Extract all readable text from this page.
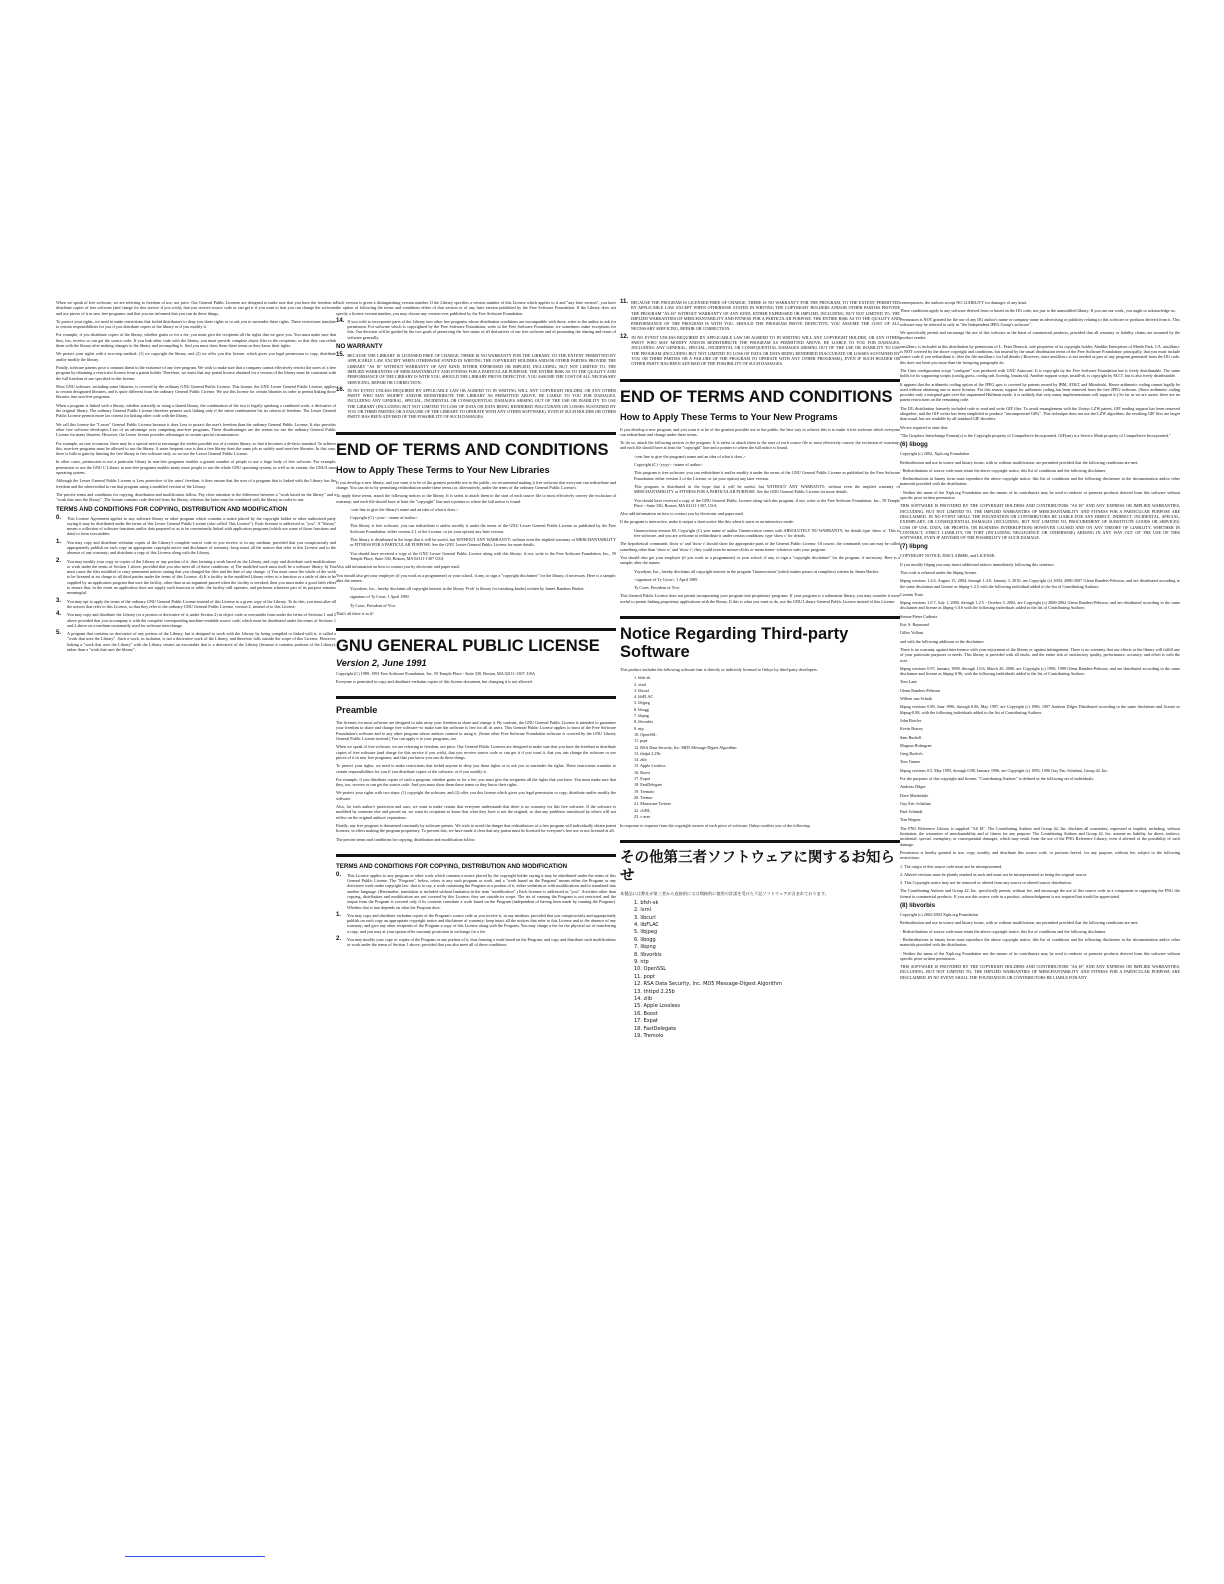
When we speak of free software, we are referring to freedom of use, not price. Our General Public Licenses are designed to make sure that you have the freedom to distribute copies of free software (and charge for this service if you wish); that you receive source code or can get it if you want it; that you can change the software and use pieces of it in new free programs; and that you are informed that you can do these things.

To protect your rights, we need to make restrictions that forbid distributors to deny you these rights or to ask you to surrender these rights. These restrictions translate to certain responsibilities for you if you distribute copies of the library or if you modify it.

For example, if you distribute copies of the library, whether gratis or for a fee, you must give the recipients all the rights that we gave you. You must make sure that they, too, receive or can get the source code. If you link other code with the library, you must provide complete object files to the recipients, so that they can relink them with the library after making changes to the library and recompiling it. And you must show them these terms so they know their rights.

We protect your rights with a two-step method: (1) we copyright the library, and (2) we offer you this license, which gives you legal permission to copy, distribute and/or modify the library.

Finally, software patents pose a constant threat to the existence of any free program. We wish to make sure that a company cannot effectively restrict the users of a free program by obtaining a restrictive license from a patent holder. Therefore, we insist that any patent license obtained for a version of the library must be consistent with the full freedom of use specified in this license.

Most GNU software, including some libraries, is covered by the ordinary GNU General Public License. This license, the GNU Lesser General Public License, applies to certain designated libraries, and is quite different from the ordinary General Public License. We use this license for certain libraries in order to permit linking those libraries into non-free programs.

When a program is linked with a library, whether statically or using a shared library, the combination of the two is legally speaking a combined work, a derivative of the original library. The ordinary General Public License therefore permits such linking only if the entire combination fits its criteria of freedom. The Lesser General Public License permits more lax criteria for linking other code with the library.

We call this license the "Lesser" General Public License because it does Less to protect the user's freedom than the ordinary General Public License. It also provides other free software developers Less of an advantage over competing non-free programs. These disadvantages are the reason we use the ordinary General Public License for many libraries. However, the Lesser license provides advantages in certain special circumstances.

For example, on rare occasions, there may be a special need to encourage the widest possible use of a certain library, so that it becomes a de-facto standard. To achieve this, non-free programs must be allowed to use the library. A more frequent case is that a free library does the same job as widely used non-free libraries. In this case, there is little to gain by limiting the free library to free software only, so we use the Lesser General Public License.

In other cases, permission to use a particular library in non-free programs enables a greater number of people to use a large body of free software. For example, permission to use the GNU C Library in non-free programs enables many more people to use the whole GNU operating system, as well as its variant, the GNU/Linux operating system.

Although the Lesser General Public License is Less protective of the users' freedom, it does ensure that the user of a program that is linked with the Library has the freedom and the wherewithal to run that program using a modified version of the Library.

The precise terms and conditions for copying, distribution and modification follow. Pay close attention to the difference between a "work based on the library" and a "work that uses the library". The former contains code derived from the library, whereas the latter must be combined with the library in order to run.

TERMS AND CONDITIONS FOR COPYING, DISTRIBUTION AND MODIFICATION
0.	This License Agreement applies to any software library or other program which contains a notice placed by the copyright holder or other authorized party saying it may be distributed under the terms of this Lesser General Public License (also called "this License"). Each licensee is addressed as "you". A "library" means a collection of software functions and/or data prepared so as to be conveniently linked with application programs (which use some of those functions and data) to form executables.
1.	You may copy and distribute verbatim copies of the Library's complete source code as you receive it, in any medium, provided that you conspicuously and appropriately publish on each copy an appropriate copyright notice and disclaimer of warranty; keep intact all the notices that refer to this License and to the absence of any warranty; and distribute a copy of this License along with the Library.
2.	You may modify your copy or copies of the Library or any portion of it, thus forming a work based on the Library, and copy and distribute such modifications or work under the terms of Section 1 above, provided that you also meet all of these conditions: a) The modified work must itself be a software library. b) You must cause the files modified to carry prominent notices stating that you changed the files and the date of any change. c) You must cause the whole of the work to be licensed at no charge to all third parties under the terms of this License. d) If a facility in the modified Library refers to a function or a table of data to be supplied by an application program that uses the facility, other than as an argument passed when the facility is invoked, then you must make a good faith effort to ensure that, in the event an application does not supply such function or table, the facility still operates, and performs whatever part of its purpose remains meaningful.
3.	You may opt to apply the terms of the ordinary GNU General Public License instead of this License to a given copy of the Library. To do this, you must alter all the notices that refer to this License, so that they refer to the ordinary GNU General Public License, version 2, instead of to this License.
4.	You may copy and distribute the Library (or a portion or derivative of it, under Section 2) in object code or executable form under the terms of Sections 1 and 2 above provided that you accompany it with the complete corresponding machine-readable source code, which must be distributed under the terms of Sections 1 and 2 above on a medium customarily used for software interchange.
5.	A program that contains no derivative of any portion of the Library, but is designed to work with the Library by being compiled or linked with it, is called a "work that uses the Library". Such a work, in isolation, is not a derivative work of the Library, and therefore falls outside the scope of this License. However, linking a "work that uses the Library" with the Library creates an executable that is a derivative of the Library (because it contains portions of the Library), rather than a "work that uses the library".

Each version is given a distinguishing version number. If the Library specifies a version number of this License which applies to it and "any later version", you have the option of following the terms and conditions either of that version or of any later version published by the Free Software Foundation. If the Library does not specify a license version number, you may choose any version ever published by the Free Software Foundation.

14. If you wish to incorporate parts of the Library into other free programs whose distribution conditions are incompatible with these, write to the author to ask for permission. For software which is copyrighted by the Free Software Foundation, write to the Free Software Foundation; we sometimes make exceptions for this. Our decision will be guided by the two goals of preserving the free status of all derivatives of our free software and of promoting the sharing and reuse of software generally.
NO WARRANTY
15. BECAUSE THE LIBRARY IS LICENSED FREE OF CHARGE, THERE IS NO WARRANTY FOR THE LIBRARY, TO THE EXTENT PERMITTED BY APPLICABLE LAW. EXCEPT WHEN OTHERWISE STATED IN WRITING THE COPYRIGHT HOLDERS AND/OR OTHER PARTIES PROVIDE THE LIBRARY "AS IS" WITHOUT WARRANTY OF ANY KIND, EITHER EXPRESSED OR IMPLIED, INCLUDING, BUT NOT LIMITED TO, THE IMPLIED WARRANTIES OF MERCHANTABILITY AND FITNESS FOR A PARTICULAR PURPOSE. THE ENTIRE RISK AS TO THE QUALITY AND PERFORMANCE OF THE LIBRARY IS WITH YOU. SHOULD THE LIBRARY PROVE DEFECTIVE, YOU ASSUME THE COST OF ALL NECESSARY SERVICING, REPAIR OR CORRECTION.
16. IN NO EVENT UNLESS REQUIRED BY APPLICABLE LAW OR AGREED TO IN WRITING WILL ANY COPYRIGHT HOLDER, OR ANY OTHER PARTY WHO MAY MODIFY AND/OR REDISTRIBUTE THE LIBRARY AS PERMITTED ABOVE, BE LIABLE TO YOU FOR DAMAGES, INCLUDING ANY GENERAL, SPECIAL, INCIDENTAL OR CONSEQUENTIAL DAMAGES ARISING OUT OF THE USE OR INABILITY TO USE THE LIBRARY (INCLUDING BUT NOT LIMITED TO LOSS OF DATA OR DATA BEING RENDERED INACCURATE OR LOSSES SUSTAINED BY YOU OR THIRD PARTIES OR A FAILURE OF THE LIBRARY TO OPERATE WITH ANY OTHER SOFTWARE), EVEN IF SUCH HOLDER OR OTHER PARTY HAS BEEN ADVISED OF THE POSSIBILITY OF SUCH DAMAGES.
END OF TERMS AND CONDITIONS
How to Apply These Terms to Your New Libraries

If you develop a new library, and you want it to be of the greatest possible use to the public, we recommend making it free software that everyone can redistribute and change. You can do so by permitting redistribution under these terms (or, alternatively, under the terms of the ordinary General Public License).

To apply these terms, attach the following notices to the library. It is safest to attach them to the start of each source file to most effectively convey the exclusion of warranty; and each file should have at least the "copyright" line and a pointer to where the full notice is found.

<one line to give the library's name and an idea of what it does.>

Copyright (C) <year> <name of author>

This library is free software; you can redistribute it and/or modify it under the terms of the GNU Lesser General Public License as published by the Free Software Foundation; either version 2.1 of the License, or (at your option) any later version.

This library is distributed in the hope that it will be useful, but WITHOUT ANY WARRANTY; without even the implied warranty of MERCHANTABILITY or FITNESS FOR A PARTICULAR PURPOSE. See the GNU Lesser General Public License for more details.

You should have received a copy of the GNU Lesser General Public License along with this library; if not, write to the Free Software Foundation, Inc., 59 Temple Place, Suite 330, Boston, MA 02111-1307 USA

Also add information on how to contact you by electronic and paper mail.

You should also get your employer (if you work as a programmer) or your school, if any, to sign a "copyright disclaimer" for the library, if necessary. Here is a sample; alter the names:

Yoyodyne, Inc., hereby disclaims all copyright interest in the library 'Frob' (a library for tweaking knobs) written by James Random Hacker.

signature of Ty Coon, 1 April 1990

Ty Coon, President of Vice

That's all there is to it!

GNU GENERAL PUBLIC LICENSE
Version 2, June 1991

Copyright (C) 1989, 1991 Free Software Foundation, Inc. 59 Temple Place - Suite 330, Boston, MA 02111-1307, USA

Everyone is permitted to copy and distribute verbatim copies of this license document, but changing it is not allowed.

Preamble

The licenses for most software are designed to take away your freedom to share and change it. By contrast, the GNU General Public License is intended to guarantee your freedom to share and change free software--to make sure the software is free for all its users. This General Public License applies to most of the Free Software Foundation's software and to any other program whose authors commit to using it. (Some other Free Software Foundation software is covered by the GNU Library General Public License instead.) You can apply it to your programs, too.

When we speak of free software, we are referring to freedom, not price. Our General Public Licenses are designed to make sure that you have the freedom to distribute copies of free software (and charge for this service if you wish), that you receive source code or can get it if you want it, that you can change the software or use pieces of it in new free programs; and that you know you can do these things.

To protect your rights, we need to make restrictions that forbid anyone to deny you these rights or to ask you to surrender the rights. These restrictions translate to certain responsibilities for you if you distribute copies of the software, or if you modify it.

For example, if you distribute copies of such a program, whether gratis or for a fee, you must give the recipients all the rights that you have. You must make sure that they, too, receive or can get the source code. And you must show them these terms so they know their rights.

We protect your rights with two steps: (1) copyright the software, and (2) offer you this license which gives you legal permission to copy, distribute and/or modify the software.

Also, for each author's protection and ours, we want to make certain that everyone understands that there is no warranty for this free software. If the software is modified by someone else and passed on, we want its recipients to know that what they have is not the original, so that any problems introduced by others will not reflect on the original authors' reputations.

Finally, any free program is threatened constantly by software patents. We wish to avoid the danger that redistributors of a free program will individually obtain patent licenses, in effect making the program proprietary. To prevent this, we have made it clear that any patent must be licensed for everyone's free use or not licensed at all.

The precise terms and conditions for copying, distribution and modification follow.

TERMS AND CONDITIONS FOR COPYING, DISTRIBUTION AND MODIFICATION
0.	This License applies to any program or other work which contains a notice placed by the copyright holder saying it may be distributed under the terms of this General Public License. The "Program", below, refers to any such program or work, and a "work based on the Program" means either the Program or any derivative work under copyright law: that is to say, a work containing the Program or a portion of it, either verbatim or with modifications and/or translated into another language. (Hereinafter, translation is included without limitation in the term "modification".) Each licensee is addressed as "you". Activities other than copying, distribution and modification are not covered by this License; they are outside its scope. The act of running the Program is not restricted, and the output from the Program is covered only if its contents constitute a work based on the Program (independent of having been made by running the Program). Whether that is true depends on what the Program does.
1.	You may copy and distribute verbatim copies of the Program's source code as you receive it, in any medium, provided that you conspicuously and appropriately publish on each copy an appropriate copyright notice and disclaimer of warranty; keep intact all the notices that refer to this License and to the absence of any warranty; and give any other recipients of the Program a copy of this License along with the Program. You may charge a fee for the physical act of transferring a copy, and you may at your option offer warranty protection in exchange for a fee.
2.	You may modify your copy or copies of the Program or any portion of it, thus forming a work based on the Program, and copy and distribute such modifications or work under the terms of Section 1 above, provided that you also meet all of these conditions:
11. BECAUSE THE PROGRAM IS LICENSED FREE OF CHARGE, THERE IS NO WARRANTY FOR THE PROGRAM, TO THE EXTENT PERMITTED BY APPLICABLE LAW. EXCEPT WHEN OTHERWISE STATED IN WRITING THE COPYRIGHT HOLDERS AND/OR OTHER PARTIES PROVIDE THE PROGRAM "AS IS" WITHOUT WARRANTY OF ANY KIND, EITHER EXPRESSED OR IMPLIED, INCLUDING, BUT NOT LIMITED TO, THE IMPLIED WARRANTIES OF MERCHANTABILITY AND FITNESS FOR A PARTICULAR PURPOSE. THE ENTIRE RISK AS TO THE QUALITY AND PERFORMANCE OF THE PROGRAM IS WITH YOU. SHOULD THE PROGRAM PROVE DEFECTIVE, YOU ASSUME THE COST OF ALL NECESSARY SERVICING, REPAIR OR CORRECTION.
12. IN NO EVENT UNLESS REQUIRED BY APPLICABLE LAW OR AGREED TO IN WRITING WILL ANY COPYRIGHT HOLDER, OR ANY OTHER PARTY WHO MAY MODIFY AND/OR REDISTRIBUTE THE PROGRAM AS PERMITTED ABOVE, BE LIABLE TO YOU FOR DAMAGES, INCLUDING ANY GENERAL, SPECIAL, INCIDENTAL OR CONSEQUENTIAL DAMAGES ARISING OUT OF THE USE OR INABILITY TO USE THE PROGRAM (INCLUDING BUT NOT LIMITED TO LOSS OF DATA OR DATA BEING RENDERED INACCURATE OR LOSSES SUSTAINED BY YOU OR THIRD PARTIES OR A FAILURE OF THE PROGRAM TO OPERATE WITH ANY OTHER PROGRAMS), EVEN IF SUCH HOLDER OR OTHER PARTY HAS BEEN ADVISED OF THE POSSIBILITY OF SUCH DAMAGES.
END OF TERMS AND CONDITIONS
How to Apply These Terms to Your New Programs

If you develop a new program, and you want it to be of the greatest possible use to the public, the best way to achieve this is to make it free software which everyone can redistribute and change under these terms.

To do so, attach the following notices to the program. It is safest to attach them to the start of each source file to most effectively convey the exclusion of warranty; and each file should have at least the "copyright" line and a pointer to where the full notice is found.

<one line to give the program's name and an idea of what it does.>

Copyright (C) <yyyy> <name of author>

This program is free software; you can redistribute it and/or modify it under the terms of the GNU General Public License as published by the Free Software Foundation; either version 2 of the License, or (at your option) any later version.

This program is distributed in the hope that it will be useful, but WITHOUT ANY WARRANTY; without even the implied warranty of MERCHANTABILITY or FITNESS FOR A PARTICULAR PURPOSE. See the GNU General Public License for more details.

You should have received a copy of the GNU General Public License along with this program; if not, write to the Free Software Foundation, Inc., 59 Temple Place - Suite 330, Boston, MA 02111-1307, USA.

Also add information on how to contact you by electronic and paper mail.

If the program is interactive, make it output a short notice like this when it starts in an interactive mode:

Gnomovision version 69, Copyright (C) year name of author Gnomovision comes with ABSOLUTELY NO WARRANTY; for details type 'show w'. This is free software, and you are welcome to redistribute it under certain conditions; type 'show c' for details.

The hypothetical commands 'show w' and 'show c' should show the appropriate parts of the General Public License. Of course, the commands you use may be called something other than 'show w' and 'show c'; they could even be mouse-clicks or menu items--whatever suits your program.

You should also get your employer (if you work as a programmer) or your school, if any, to sign a "copyright disclaimer" for the program, if necessary. Here is a sample; alter the names:

Yoyodyne, Inc., hereby disclaims all copyright interest in the program 'Gnomovision' (which makes passes at compilers) written by James Hacker.

<signature of Ty Coon>, 1 April 1989

Ty Coon, President of Vice

This General Public License does not permit incorporating your program into proprietary programs. If your program is a subroutine library, you may consider it more useful to permit linking proprietary applications with the library. If this is what you want to do, use the GNU Library General Public License instead of this License.

Notice Regarding Third-party Software

This product includes the following software that is directly or indirectly licensed to Onkyo by third-party developers.

1. bfsh-sk
2. zsnd
3. libcurl
4. libFLAC
5. libjpeg
6. libogg
7. libpng
8. libvorbis
9. ntp
10. OpenSSL
11. popt
12. RSA Data Security, Inc. MD5 Message-Digest Algorithm
13. thttpd 2.25b
14. zlib
15. Apple Lossless
16. Boost
17. Expat
18. FastDelegate
19. Tremolo
20. Tremor
21. Monotone Twister
22. cURL
23. c-ares

In response to requests from the copyright owners of each piece of software, Onkyo notifies you of the following:

その他第三者ソフトウェアに関するお知らせ

本製品には弊社が第三者から直接的に又は間接的に使用の許諾を受けた下記ソフトウェアが含まれております。

1. bfsh-sk
2. lxml
3. libcurl
4. libFLAC
5. libjpeg
6. libogg
7. libpng
8. libvorbis
9. ntp
10. OpenSSL
11. popt
12. RSA Data Security, Inc. MD5 Message-Digest Algorithm
13. thttpd 2.25b
14. zlib
15. Apple Lossless
16. Boost
17. Expat
18. FastDelegate
19. Tremolo

consequences, the authors accept NO LIABILITY for damages of any kind.

These conditions apply to any software derived from or based on the IJG code, not just to the unmodified library. If you use our work, you ought to acknowledge us.

Permission is NOT granted for the use of any IJG author's name or company name in advertising or publicity relating to this software or products derived from it. This software may be referred to only as "the Independent JPEG Group's software".

We specifically permit and encourage the use of this software as the basis of commercial products, provided that all warranty or liability claims are assumed by the product vendor.

ansi2knr.c is included in this distribution by permission of L. Peter Deutsch, sole proprietor of its copyright holder, Aladdin Enterprises of Menlo Park, CA. ansi2knr.c is NOT covered by the above copyright and conditions, but instead by the usual distribution terms of the Free Software Foundation; principally, that you must include source code if you redistribute it. (See the file ansi2knr.c for full details.) However, since ansi2knr.c is not needed as part of any program generated from the IJG code, this does not limit you more than the foregoing paragraphs do.

The Unix configuration script "configure" was produced with GNU Autoconf. It is copyright by the Free Software Foundation but is freely distributable. The same holds for its supporting scripts (config.guess, config.sub, ltconfig, ltmain.sh). Another support script, install-sh, is copyright by M.I.T. but is also freely distributable.

It appears that the arithmetic coding option of the JPEG spec is covered by patents owned by IBM, AT&T, and Mitsubishi. Hence arithmetic coding cannot legally be used without obtaining one or more licenses. For this reason, support for arithmetic coding has been removed from the free JPEG software. (Since arithmetic coding provides only a marginal gain over the unpatented Huffman mode, it is unlikely that very many implementations will support it.) So far as we are aware, there are no patent restrictions on the remaining code.

The IJG distribution formerly included code to read and write GIF files. To avoid entanglement with the Unisys LZW patent, GIF reading support has been removed altogether, and the GIF writer has been simplified to produce "uncompressed GIFs". This technique does not use the LZW algorithm; the resulting GIF files are larger than usual, but are readable by all standard GIF decoders.

We are required to state that:

"The Graphics Interchange Format(c) is the Copyright property of CompuServe Incorporated. GIF(sm) is a Service Mark property of CompuServe Incorporated."

(6) libogg

Copyright (c) 2002, Xiph.org Foundation

Redistribution and use in source and binary forms, with or without modification, are permitted provided that the following conditions are met:

- Redistributions of source code must retain the above copyright notice, this list of conditions and the following disclaimer.

- Redistributions in binary form must reproduce the above copyright notice, this list of conditions and the following disclaimer in the documentation and/or other materials provided with the distribution.

- Neither the name of the Xiph.org Foundation nor the names of its contributors may be used to endorse or promote products derived from this software without specific prior written permission.

THIS SOFTWARE IS PROVIDED BY THE COPYRIGHT HOLDERS AND CONTRIBUTORS "AS IS" AND ANY EXPRESS OR IMPLIED WARRANTIES, INCLUDING, BUT NOT LIMITED TO, THE IMPLIED WARRANTIES OF MERCHANTABILITY AND FITNESS FOR A PARTICULAR PURPOSE ARE DISCLAIMED. IN NO EVENT SHALL THE FOUNDATION OR CONTRIBUTORS BE LIABLE FOR ANY DIRECT, INDIRECT, INCIDENTAL, SPECIAL, EXEMPLARY, OR CONSEQUENTIAL DAMAGES (INCLUDING, BUT NOT LIMITED TO, PROCUREMENT OF SUBSTITUTE GOODS OR SERVICES; LOSS OF USE, DATA, OR PROFITS; OR BUSINESS INTERRUPTION) HOWEVER CAUSED AND ON ANY THEORY OF LIABILITY, WHETHER IN CONTRACT, STRICT LIABILITY, OR TORT (INCLUDING NEGLIGENCE OR OTHERWISE) ARISING IN ANY WAY OUT OF THE USE OF THIS SOFTWARE, EVEN IF ADVISED OF THE POSSIBILITY OF SUCH DAMAGE.

(7) libpng

COPYRIGHT NOTICE, DISCLAIMER, and LICENSE:

If you modify libpng you may insert additional notices immediately following this sentence.

This code is released under the libpng license.

libpng versions 1.2.6, August 15, 2004, through 1.4.0, January 3, 2010, are Copyright (c) 2004, 2006-2007 Glenn Randers-Pehrson, and are distributed according to the same disclaimer and license as libpng-1.2.5 with the following individual added to the list of Contributing Authors:

Cosmin Truta

libpng versions 1.0.7, July 1, 2000, through 1.2.5 - October 3, 2002, are Copyright (c) 2000-2002 Glenn Randers-Pehrson, and are distributed according to the same disclaimer and license as libpng-1.0.6 with the following individuals added to the list of Contributing Authors:

Simon-Pierre Cadieux

Eric S. Raymond

Gilles Vollant

and with the following additions to the disclaimer:

There is no warranty against interference with your enjoyment of the library or against infringement. There is no warranty that our efforts or the library will fulfill any of your particular purposes or needs. This library is provided with all faults, and the entire risk of satisfactory quality, performance, accuracy, and effort is with the user.

libpng versions 0.97, January 1998, through 1.0.6, March 20, 2000, are Copyright (c) 1998, 1999 Glenn Randers-Pehrson, and are distributed according to the same disclaimer and license as libpng-0.96, with the following individuals added to the list of Contributing Authors:

Tom Lane

Glenn Randers-Pehrson

Willem van Schaik

libpng versions 0.89, June 1996, through 0.96, May 1997, are Copyright (c) 1996, 1997 Andreas Dilger Distributed according to the same disclaimer and license as libpng-0.88, with the following individuals added to the list of Contributing Authors:

John Bowler

Kevin Bracey

Sam Bushell

Magnus Holmgren

Greg Roelofs

Tom Tanner

libpng versions 0.5, May 1995, through 0.88, January 1996, are Copyright (c) 1995, 1996 Guy Eric Schalnat, Group 42, Inc.

For the purposes of this copyright and license, "Contributing Authors" is defined as the following set of individuals:

Andreas Dilger

Dave Martindale

Guy Eric Schalnat

Paul Schmidt

Tim Wegner

The PNG Reference Library is supplied "AS IS". The Contributing Authors and Group 42, Inc. disclaim all warranties, expressed or implied, including, without limitation, the warranties of merchantability and of fitness for any purpose. The Contributing Authors and Group 42, Inc. assume no liability for direct, indirect, incidental, special, exemplary, or consequential damages, which may result from the use of the PNG Reference Library, even if advised of the possibility of such damage.

Permission is hereby granted to use, copy, modify, and distribute this source code, or portions hereof, for any purpose, without fee, subject to the following restrictions:

1. The origin of this source code must not be misrepresented.

2. Altered versions must be plainly marked as such and must not be misrepresented as being the original source.

3. This Copyright notice may not be removed or altered from any source or altered source distribution.

The Contributing Authors and Group 42, Inc. specifically permit, without fee, and encourage the use of this source code as a component to supporting the PNG file format in commercial products. If you use this source code in a product, acknowledgment is not required but would be appreciated.

(8) libvorbis

Copyright (c) 2002-2004 Xiph.org Foundation

Redistribution and use in source and binary forms, with or without modification, are permitted provided that the following conditions are met:

- Redistributions of source code must retain the above copyright notice, this list of conditions and the following disclaimer.

- Redistributions in binary form must reproduce the above copyright notice, this list of conditions and the following disclaimer in the documentation and/or other materials provided with the distribution.

- Neither the name of the Xiph.org Foundation nor the names of its contributors may be used to endorse or promote products derived from this software without specific prior written permission.

THIS SOFTWARE IS PROVIDED BY THE COPYRIGHT HOLDERS AND CONTRIBUTORS "AS IS" AND ANY EXPRESS OR IMPLIED WARRANTIES, INCLUDING, BUT NOT LIMITED TO, THE IMPLIED WARRANTIES OF MERCHANTABILITY AND FITNESS FOR A PARTICULAR PURPOSE ARE DISCLAIMED. IN NO EVENT SHALL THE FOUNDATION OR CONTRIBUTORS BE LIABLE FOR ANY
